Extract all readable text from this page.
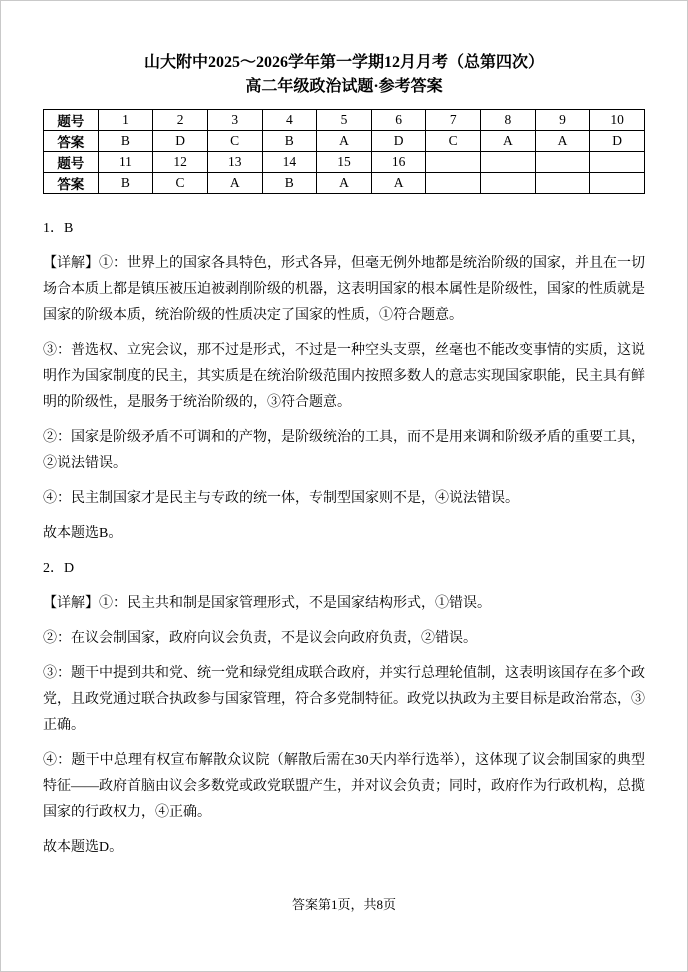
山大附中2025～2026学年第一学期12月月考（总第四次）
高二年级政治试题·参考答案
题号	1	2	3	4	5	6	7	8	9	10
答案	B	D	C	B	A	D	C	A	A	D
题号	11	12	13	14	15	16				
答案	B	C	A	B	A	A				

1．B

【详解】①：世界上的国家各具特色，形式各异，但毫无例外地都是统治阶级的国家，并且在一切场合本质上都是镇压被压迫被剥削阶级的机器，这表明国家的根本属性是阶级性，国家的性质就是国家的阶级本质，统治阶级的性质决定了国家的性质，①符合题意。

③：普选权、立宪会议，那不过是形式，不过是一种空头支票，丝毫也不能改变事情的实质，这说明作为国家制度的民主，其实质是在统治阶级范围内按照多数人的意志实现国家职能，民主具有鲜明的阶级性，是服务于统治阶级的，③符合题意。

②：国家是阶级矛盾不可调和的产物，是阶级统治的工具，而不是用来调和阶级矛盾的重要工具，②说法错误。

④：民主制国家才是民主与专政的统一体，专制型国家则不是，④说法错误。

故本题选B。

2．D

【详解】①：民主共和制是国家管理形式，不是国家结构形式，①错误。

②：在议会制国家，政府向议会负责，不是议会向政府负责，②错误。

③：题干中提到共和党、统一党和绿党组成联合政府，并实行总理轮值制，这表明该国存在多个政党，且政党通过联合执政参与国家管理，符合多党制特征。政党以执政为主要目标是政治常态，③正确。

④：题干中总理有权宣布解散众议院（解散后需在30天内举行选举），这体现了议会制国家的典型特征——政府首脑由议会多数党或政党联盟产生，并对议会负责；同时，政府作为行政机构，总揽国家的行政权力，④正确。

故本题选D。

答案第1页，共8页
